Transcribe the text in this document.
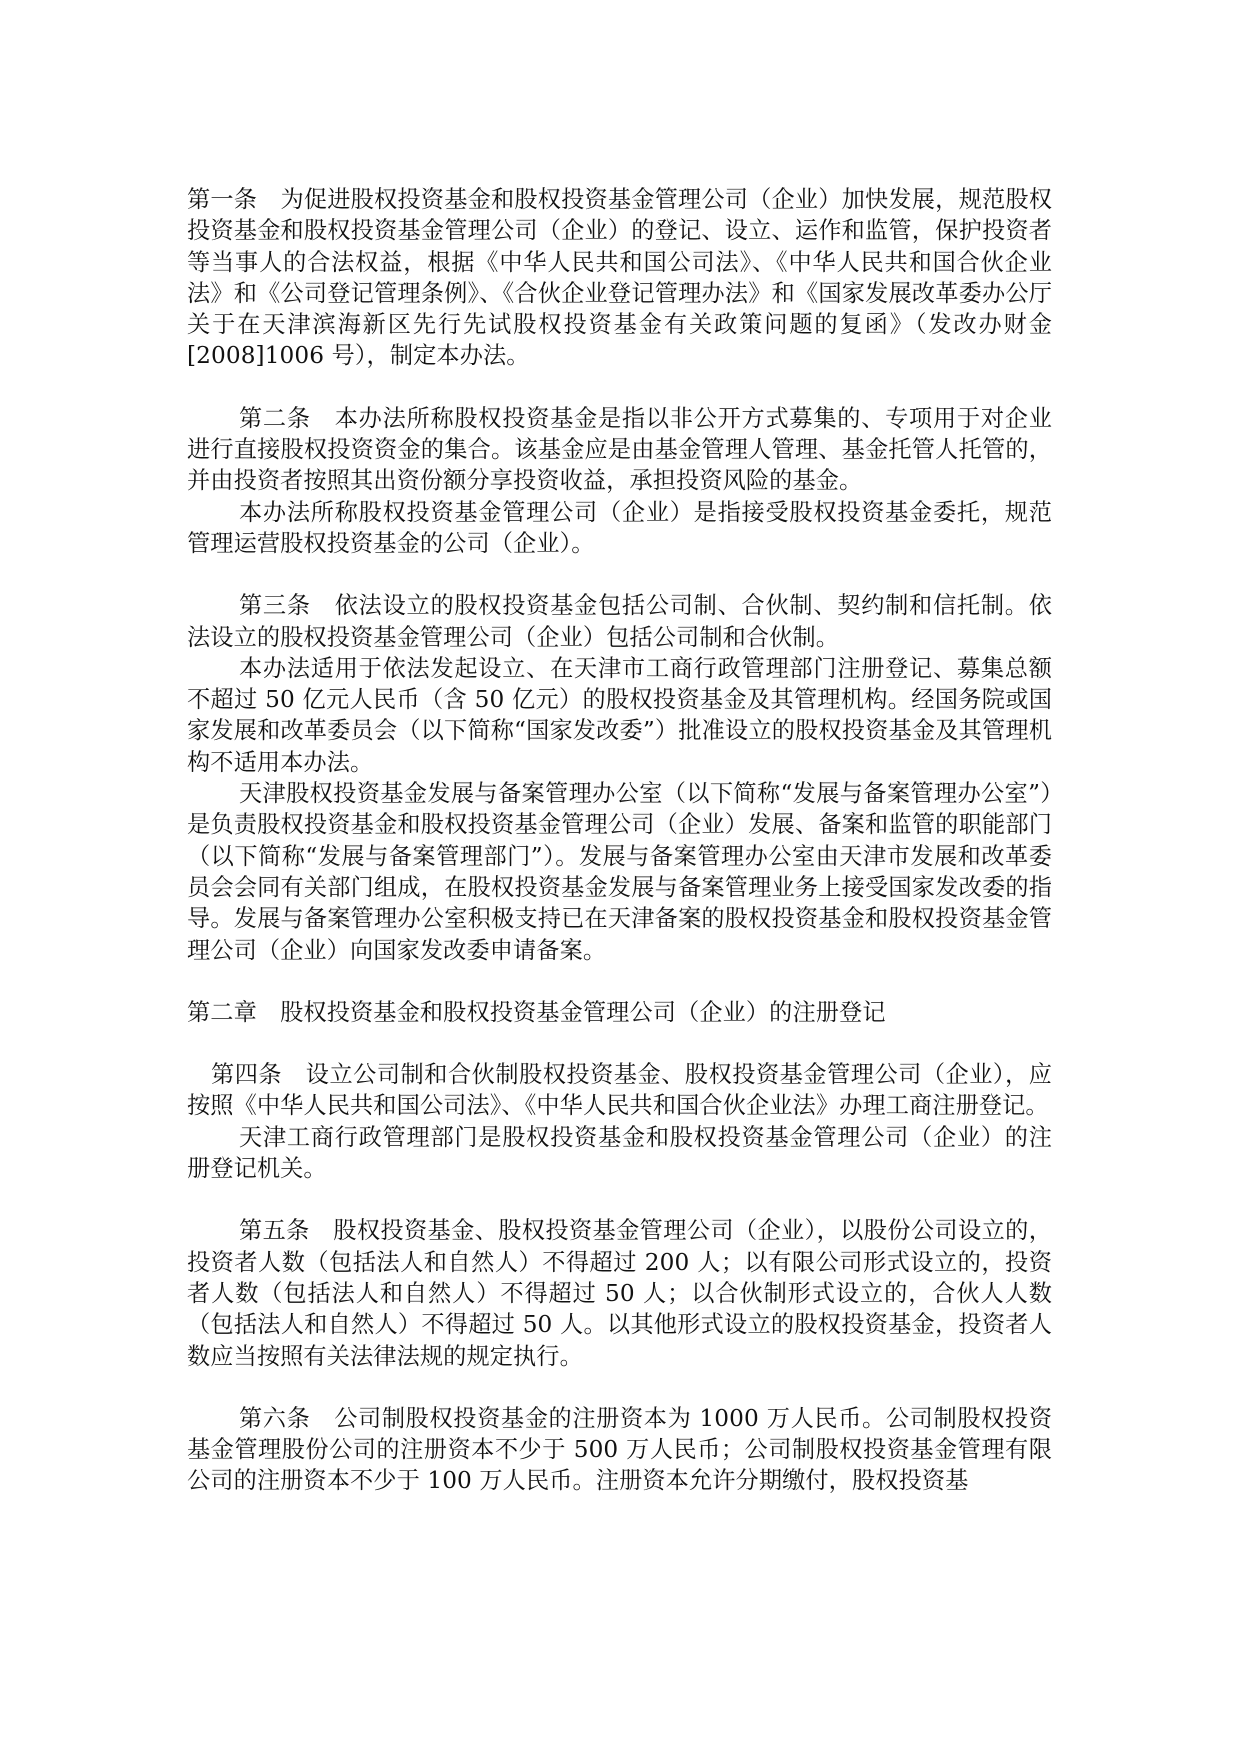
第一条　为促进股权投资基金和股权投资基金管理公司（企业）加快发展，规范股权投资基金和股权投资基金管理公司（企业）的登记、设立、运作和监管，保护投资者等当事人的合法权益，根据《中华人民共和国公司法》、《中华人民共和国合伙企业法》和《公司登记管理条例》、《合伙企业登记管理办法》和《国家发展改革委办公厅关于在天津滨海新区先行先试股权投资基金有关政策问题的复函》（发改办财金[2008]1006 号），制定本办法。

第二条　本办法所称股权投资基金是指以非公开方式募集的、专项用于对企业进行直接股权投资资金的集合。该基金应是由基金管理人管理、基金托管人托管的，并由投资者按照其出资份额分享投资收益，承担投资风险的基金。

本办法所称股权投资基金管理公司（企业）是指接受股权投资基金委托，规范管理运营股权投资基金的公司（企业）。

第三条　依法设立的股权投资基金包括公司制、合伙制、契约制和信托制。依法设立的股权投资基金管理公司（企业）包括公司制和合伙制。

本办法适用于依法发起设立、在天津市工商行政管理部门注册登记、募集总额不超过 50 亿元人民币（含 50 亿元）的股权投资基金及其管理机构。经国务院或国家发展和改革委员会（以下简称“国家发改委”）批准设立的股权投资基金及其管理机构不适用本办法。

天津股权投资基金发展与备案管理办公室（以下简称“发展与备案管理办公室”）是负责股权投资基金和股权投资基金管理公司（企业）发展、备案和监管的职能部门（以下简称“发展与备案管理部门”）。发展与备案管理办公室由天津市发展和改革委员会会同有关部门组成，在股权投资基金发展与备案管理业务上接受国家发改委的指导。发展与备案管理办公室积极支持已在天津备案的股权投资基金和股权投资基金管理公司（企业）向国家发改委申请备案。

第二章　股权投资基金和股权投资基金管理公司（企业）的注册登记

第四条　设立公司制和合伙制股权投资基金、股权投资基金管理公司（企业），应按照《中华人民共和国公司法》、《中华人民共和国合伙企业法》办理工商注册登记。

天津工商行政管理部门是股权投资基金和股权投资基金管理公司（企业）的注册登记机关。

第五条　股权投资基金、股权投资基金管理公司（企业），以股份公司设立的，投资者人数（包括法人和自然人）不得超过 200 人；以有限公司形式设立的，投资者人数（包括法人和自然人）不得超过 50 人；以合伙制形式设立的，合伙人人数（包括法人和自然人）不得超过 50 人。以其他形式设立的股权投资基金，投资者人数应当按照有关法律法规的规定执行。

第六条　公司制股权投资基金的注册资本为 1000 万人民币。公司制股权投资基金管理股份公司的注册资本不少于 500 万人民币；公司制股权投资基金管理有限公司的注册资本不少于 100 万人民币。注册资本允许分期缴付，股权投资基
